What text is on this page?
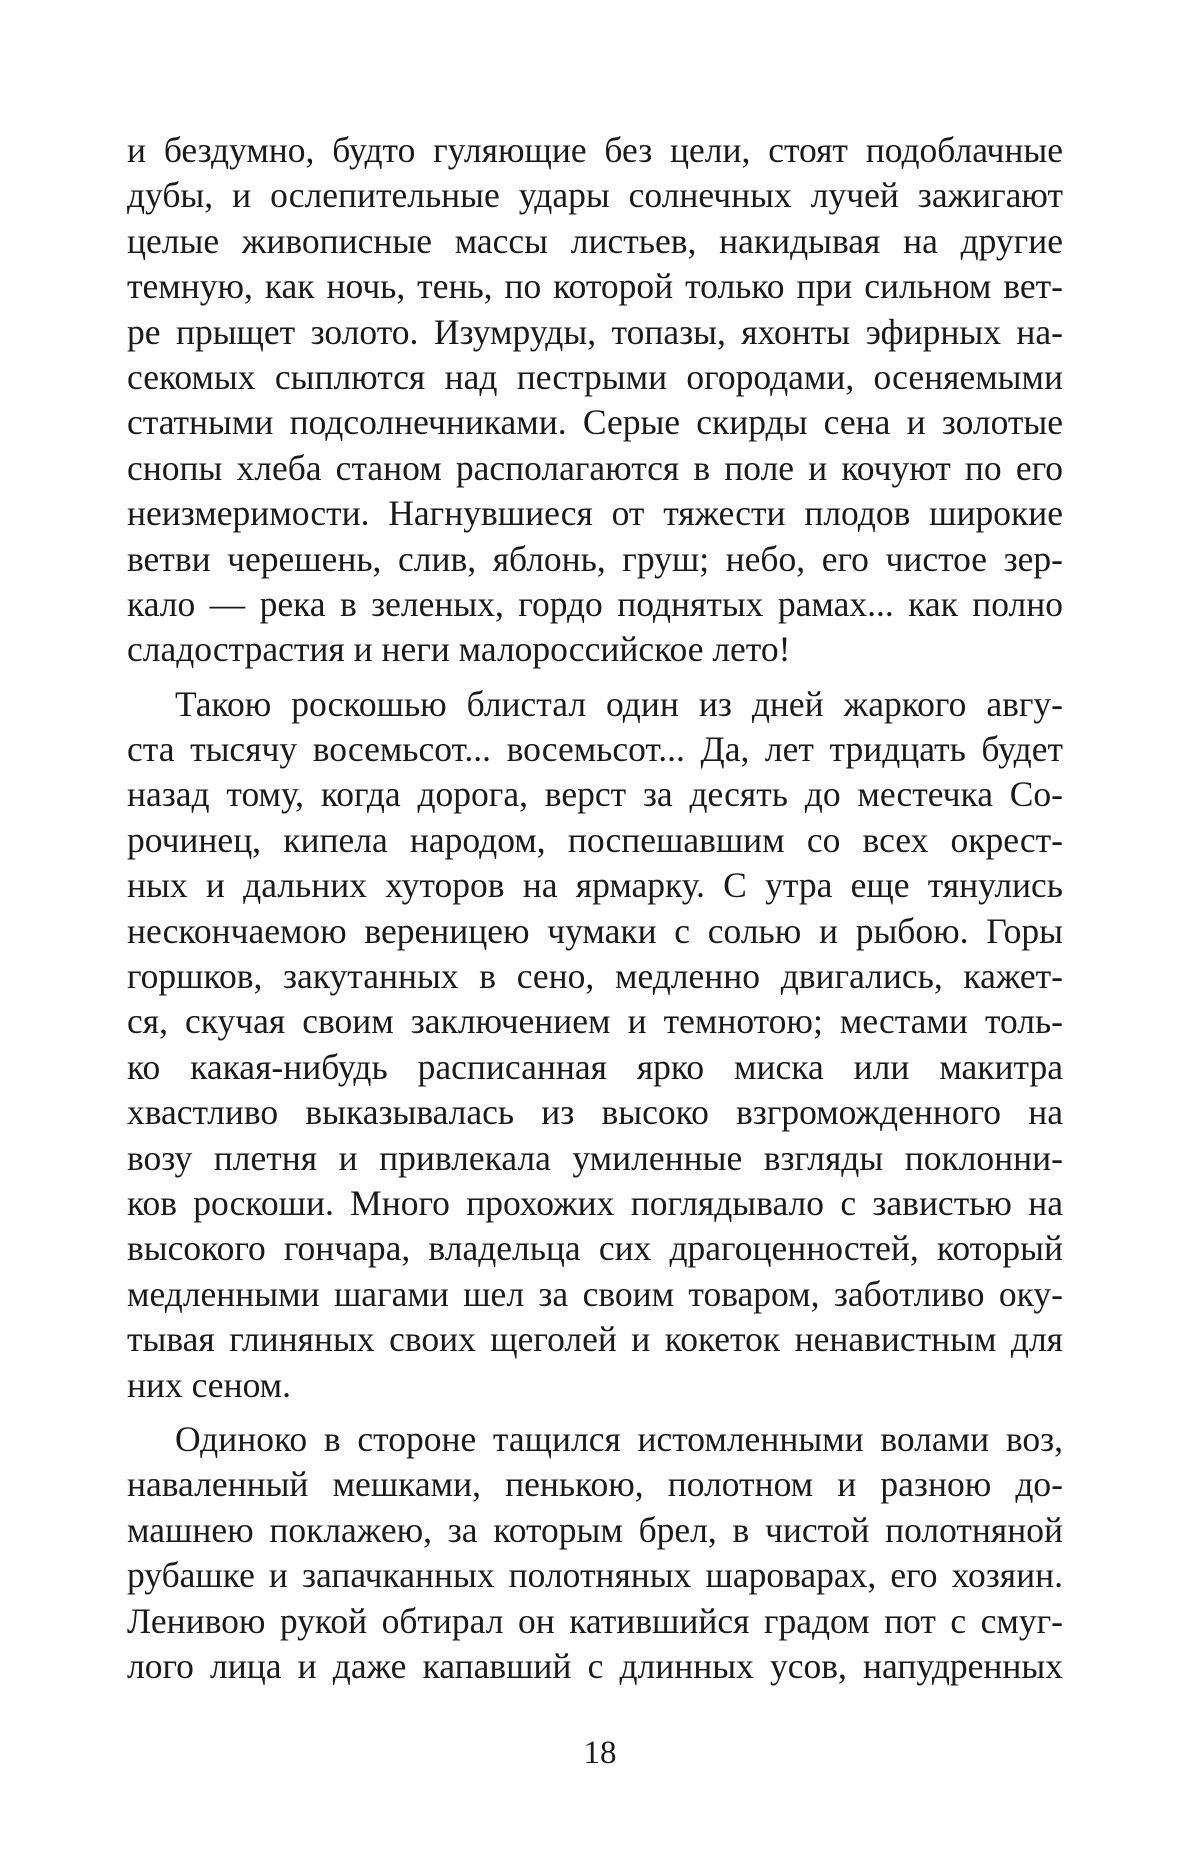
и бездумно, будто гуляющие без цели, стоят подоблачные
дубы, и ослепительные удары солнечных лучей зажигают
целые живописные массы листьев, накидывая на другие
темную, как ночь, тень, по которой только при сильном вет-
ре прыщет золото. Изумруды, топазы, яхонты эфирных на-
секомых сыплются над пестрыми огородами, осеняемыми
статными подсолнечниками. Серые скирды сена и золотые
снопы хлеба станом располагаются в поле и кочуют по его
неизмеримости. Нагнувшиеся от тяжести плодов широкие
ветви черешень, слив, яблонь, груш; небо, его чистое зер-
кало — река в зеленых, гордо поднятых рамах... как полно
сладострастия и неги малороссийское лето!
Такою роскошью блистал один из дней жаркого авгу-
ста тысячу восемьсот... восемьсот... Да, лет тридцать будет
назад тому, когда дорога, верст за десять до местечка Со-
рочинец, кипела народом, поспешавшим со всех окрест-
ных и дальних хуторов на ярмарку. С утра еще тянулись
нескончаемою вереницею чумаки с солью и рыбою. Горы
горшков, закутанных в сено, медленно двигались, кажет-
ся, скучая своим заключением и темнотою; местами толь-
ко какая-нибудь расписанная ярко миска или макитра
хвастливо выказывалась из высоко взгроможденного на
возу плетня и привлекала умиленные взгляды поклонни-
ков роскоши. Много прохожих поглядывало с завистью на
высокого гончара, владельца сих драгоценностей, который
медленными шагами шел за своим товаром, заботливо оку-
тывая глиняных своих щеголей и кокеток ненавистным для
них сеном.
Одиноко в стороне тащился истомленными волами воз,
наваленный мешками, пенькою, полотном и разною до-
машнею поклажею, за которым брел, в чистой полотняной
рубашке и запачканных полотняных шароварах, его хозяин.
Ленивою рукой обтирал он катившийся градом пот с смуг-
лого лица и даже капавший с длинных усов, напудренных
18
